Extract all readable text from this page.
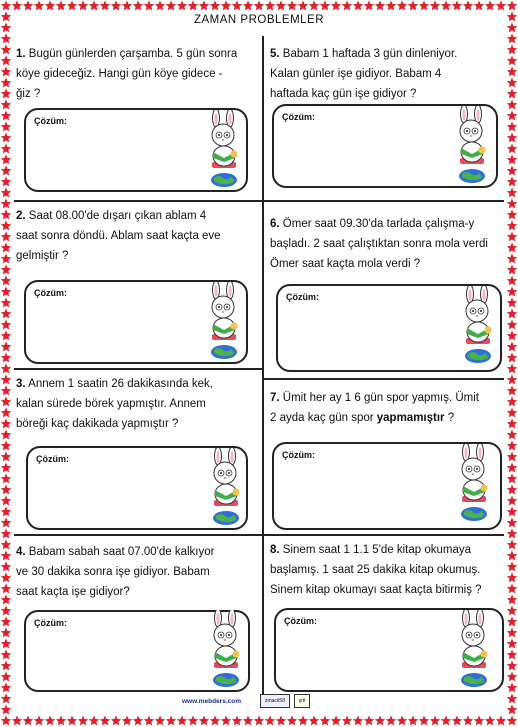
ZAMAN PROBLEMLER
1. Bugün günlerden çarşamba. 5 gün sonra
köye gideceğiz. Hangi gün köye gidece -
ğiz ?
Çözüm:
2. Saat 08.00'de dışarı çıkan ablam 4
saat sonra döndü. Ablam saat kaçta eve
gelmiştir ?
Çözüm:
3. Annem 1 saatin 26 dakikasında kek,
kalan sürede börek yapmıştır. Annem
böreği kaç dakikada yapmıştır ?
Çözüm:
4. Babam sabah saat 07.00'de kalkıyor
ve 30 dakika sonra işe gidiyor. Babam
saat kaçta işe gidiyor?
Çözüm:
5. Babam 1 haftada 3 gün dinleniyor.
Kalan günler işe gidiyor. Babam 4
haftada kaç gün işe gidiyor ?
Çözüm:
6. Ömer saat 09.30'da tarlada çalışma-y
başladı. 2 saat çalıştıktan sonra mola verdi
Ömer saat kaçta mola verdi ?
Çözüm:
7. Ümit her ay 1 6 gün spor yapmış. Ümit
2 ayda kaç gün spor yapmamıştır ?
Çözüm:
8. Sinem saat 1 1.1 5'de kitap okumaya
başlamış. 1 saat 25 dakika kitap okumuş.
Sinem kitap okumayı saat kaçta bitirmiş ?
Çözüm:
www.mebders.com	zmacit58	şrtt
